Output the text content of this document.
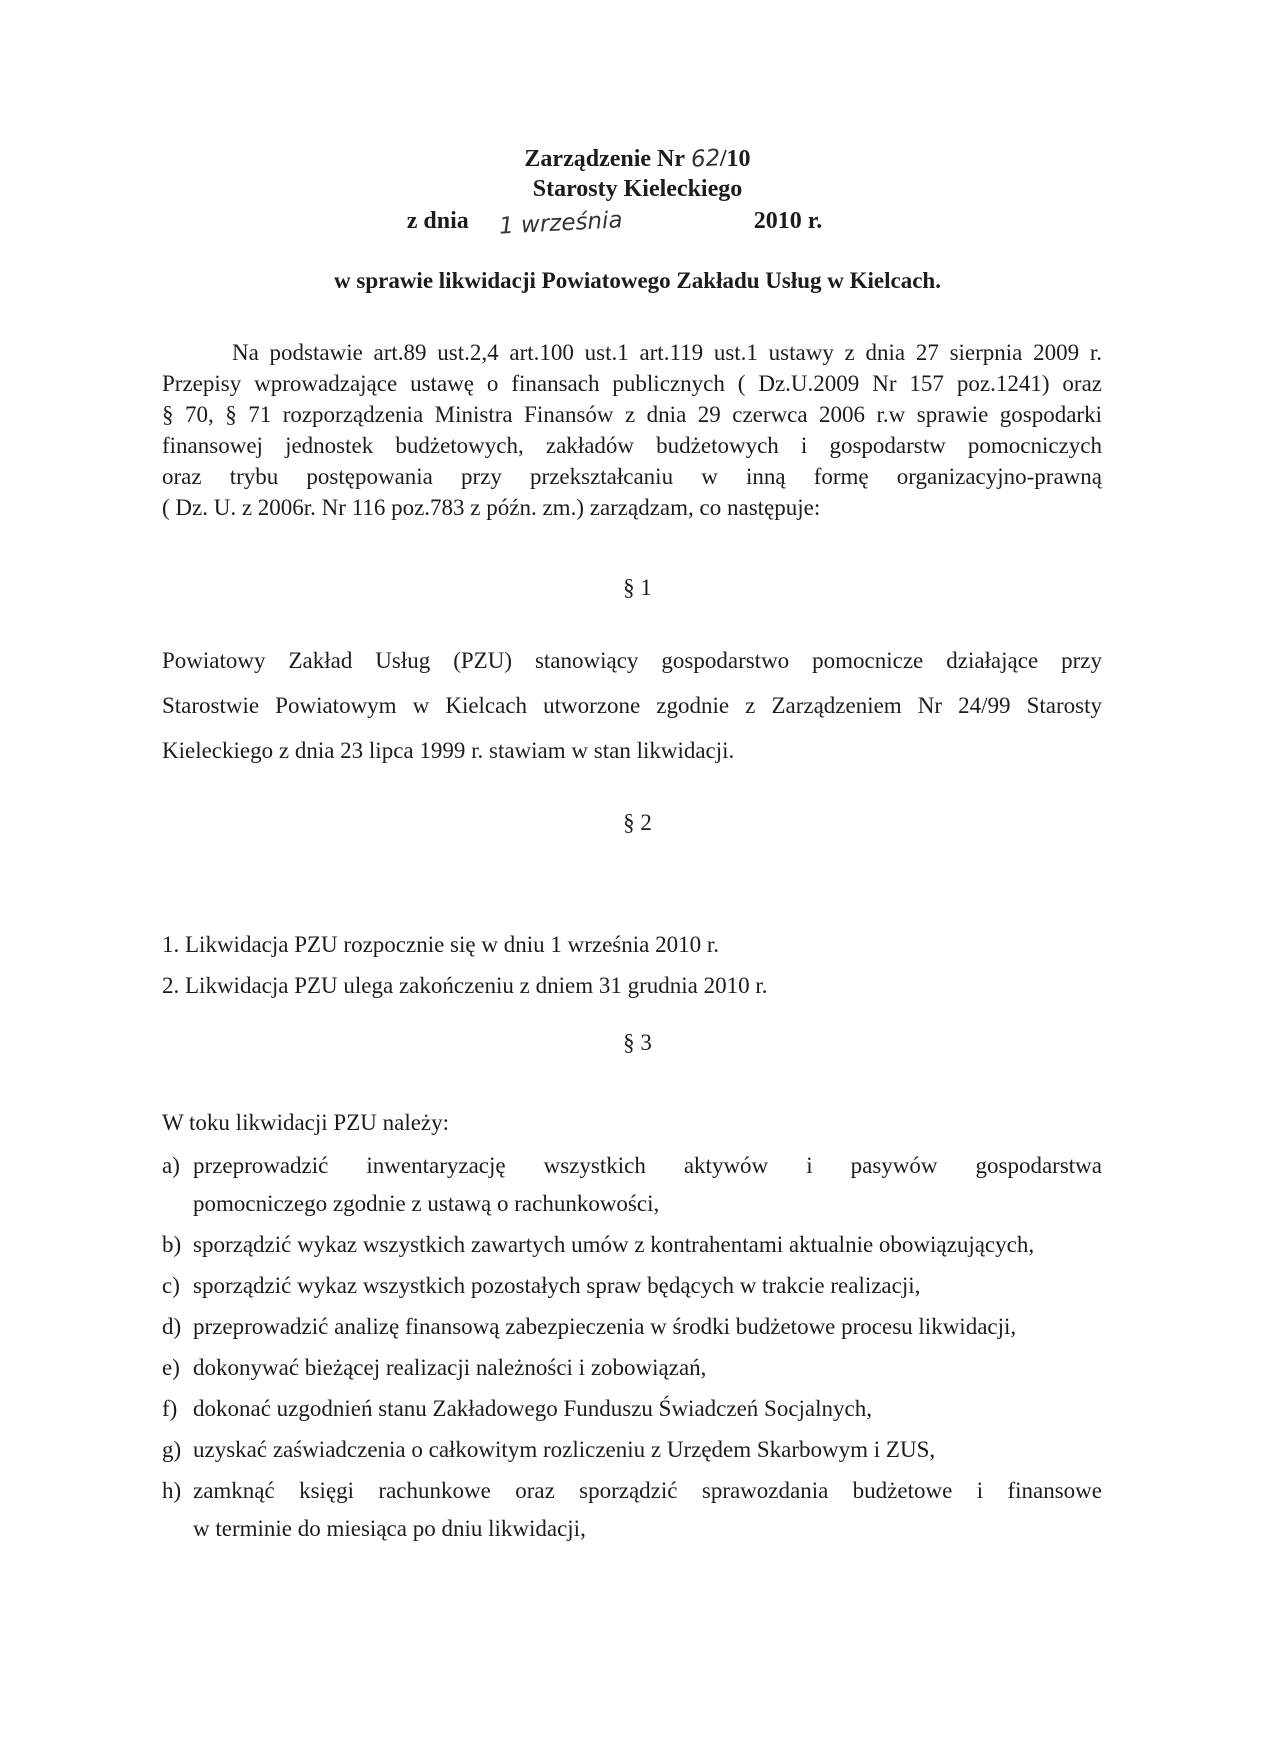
Zarządzenie Nr 62/10
Starosty Kieleckiego
z dnia 1 września	2010 r.
w sprawie likwidacji Powiatowego Zakładu Usług w Kielcach.
Na podstawie art.89 ust.2,4 art.100 ust.1 art.119 ust.1 ustawy z dnia 27 sierpnia 2009 r.
Przepisy wprowadzające ustawę o finansach publicznych ( Dz.U.2009 Nr 157 poz.1241) oraz
§ 70, § 71 rozporządzenia Ministra Finansów z dnia 29 czerwca 2006 r.w sprawie gospodarki
finansowej jednostek budżetowych, zakładów budżetowych i gospodarstw pomocniczych
oraz trybu postępowania przy przekształcaniu w inną formę organizacyjno-prawną
( Dz. U. z 2006r. Nr 116 poz.783 z późn. zm.) zarządzam, co następuje:
§ 1
Powiatowy Zakład Usług (PZU) stanowiący gospodarstwo pomocnicze działające przy
Starostwie Powiatowym w Kielcach utworzone zgodnie z Zarządzeniem Nr 24/99 Starosty
Kieleckiego z dnia 23 lipca 1999 r. stawiam w stan likwidacji.
§ 2
1. Likwidacja PZU rozpocznie się w dniu 1 września 2010 r.
2. Likwidacja PZU ulega zakończeniu z dniem 31 grudnia 2010 r.
§ 3
W toku likwidacji PZU należy:
a) przeprowadzić inwentaryzację wszystkich aktywów i pasywów gospodarstwa
pomocniczego zgodnie z ustawą o rachunkowości,
b) sporządzić wykaz wszystkich zawartych umów z kontrahentami aktualnie obowiązujących,
c) sporządzić wykaz wszystkich pozostałych spraw będących w trakcie realizacji,
d) przeprowadzić analizę finansową zabezpieczenia w środki budżetowe procesu likwidacji,
e) dokonywać bieżącej realizacji należności i zobowiązań,
f) dokonać uzgodnień stanu Zakładowego Funduszu Świadczeń Socjalnych,
g) uzyskać zaświadczenia o całkowitym rozliczeniu z Urzędem Skarbowym i ZUS,
h) zamknąć księgi rachunkowe oraz sporządzić sprawozdania budżetowe i finansowe
w terminie do miesiąca po dniu likwidacji,
